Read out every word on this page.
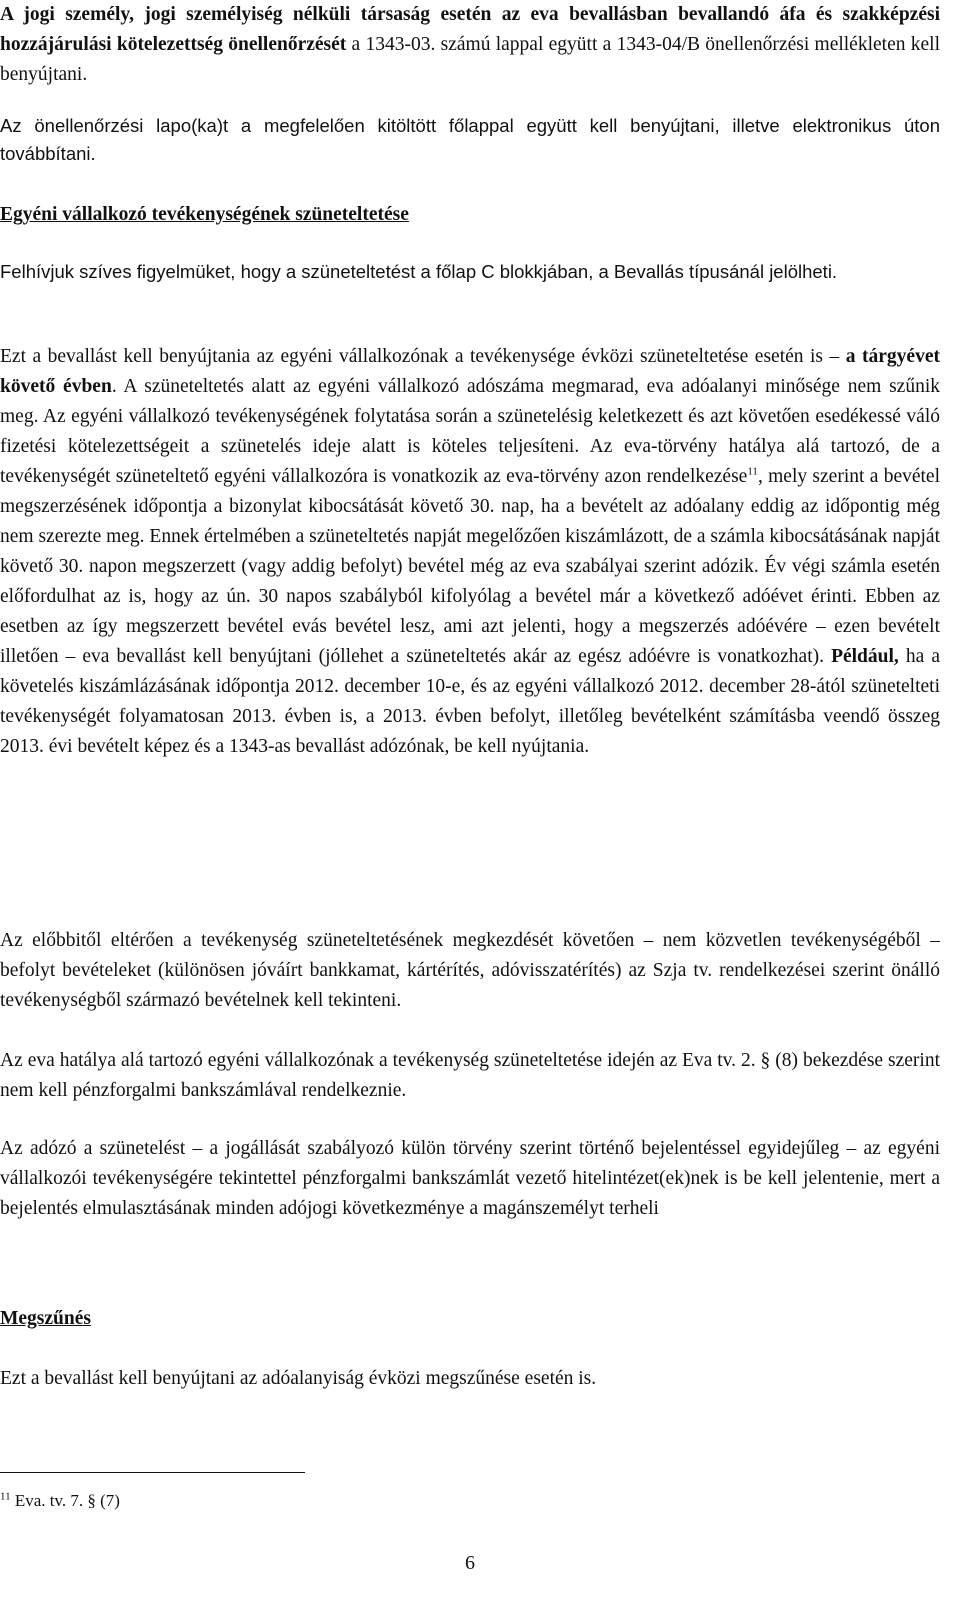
A jogi személy, jogi személyiség nélküli társaság esetén az eva bevallásban bevallandó áfa és szakképzési hozzájárulási kötelezettség önellenőrzését a 1343-03. számú lappal együtt a 1343-04/B önellenőrzési mellékleten kell benyújtani.

Az önellenőrzési lapo(ka)t a megfelelően kitöltött főlappal együtt kell benyújtani, illetve elektronikus úton továbbítani.

Egyéni vállalkozó tevékenységének szüneteltetése

Felhívjuk szíves figyelmüket, hogy a szüneteltetést a főlap C blokkjában, a Bevallás típusánál jelölheti.

Ezt a bevallást kell benyújtania az egyéni vállalkozónak a tevékenysége évközi szüneteltetése esetén is – a tárgyévet követő évben. A szüneteltetés alatt az egyéni vállalkozó adószáma megmarad, eva adóalanyi minősége nem szűnik meg. Az egyéni vállalkozó tevékenységének folytatása során a szünetelésig keletkezett és azt követően esedékessé váló fizetési kötelezettségeit a szünetelés ideje alatt is köteles teljesíteni. Az eva-törvény hatálya alá tartozó, de a tevékenységét szüneteltető egyéni vállalkozóra is vonatkozik az eva-törvény azon rendelkezése$^{11}$, mely szerint a bevétel megszerzésének időpontja a bizonylat kibocsátását követő 30. nap, ha a bevételt az adóalany eddig az időpontig még nem szerezte meg. Ennek értelmében a szüneteltetés napját megelőzően kiszámlázott, de a számla kibocsátásának napját követő 30. napon megszerzett (vagy addig befolyt) bevétel még az eva szabályai szerint adózik. Év végi számla esetén előfordulhat az is, hogy az ún. 30 napos szabályból kifolyólag a bevétel már a következő adóévet érinti. Ebben az esetben az így megszerzett bevétel evás bevétel lesz, ami azt jelenti, hogy a megszerzés adóévére – ezen bevételt illetően – eva bevallást kell benyújtani (jóllehet a szüneteltetés akár az egész adóévre is vonatkozhat). Például, ha a követelés kiszámlázásának időpontja 2012. december 10-e, és az egyéni vállalkozó 2012. december 28-ától szünetelteti tevékenységét folyamatosan 2013. évben is, a 2013. évben befolyt, illetőleg bevételként számításba veendő összeg 2013. évi bevételt képez és a 1343-as bevallást adózónak, be kell nyújtania.

Az előbbitől eltérően a tevékenység szüneteltetésének megkezdését követően – nem közvetlen tevékenységéből – befolyt bevételeket (különösen jóváírt bankkamat, kártérítés, adóvisszatérítés) az Szja tv. rendelkezései szerint önálló tevékenységből származó bevételnek kell tekinteni.

Az eva hatálya alá tartozó egyéni vállalkozónak a tevékenység szüneteltetése idején az Eva tv. 2. § (8) bekezdése szerint nem kell pénzforgalmi bankszámlával rendelkeznie.

Az adózó a szünetelést – a jogállását szabályozó külön törvény szerint történő bejelentéssel egyidejűleg – az egyéni vállalkozói tevékenységére tekintettel pénzforgalmi bankszámlát vezető hitelintézet(ek)nek is be kell jelentenie, mert a bejelentés elmulasztásának minden adójogi következménye a magánszemélyt terheli

Megszűnés

Ezt a bevallást kell benyújtani az adóalanyiság évközi megszűnése esetén is.

$^{11}$ Eva. tv. 7. § (7)
6
